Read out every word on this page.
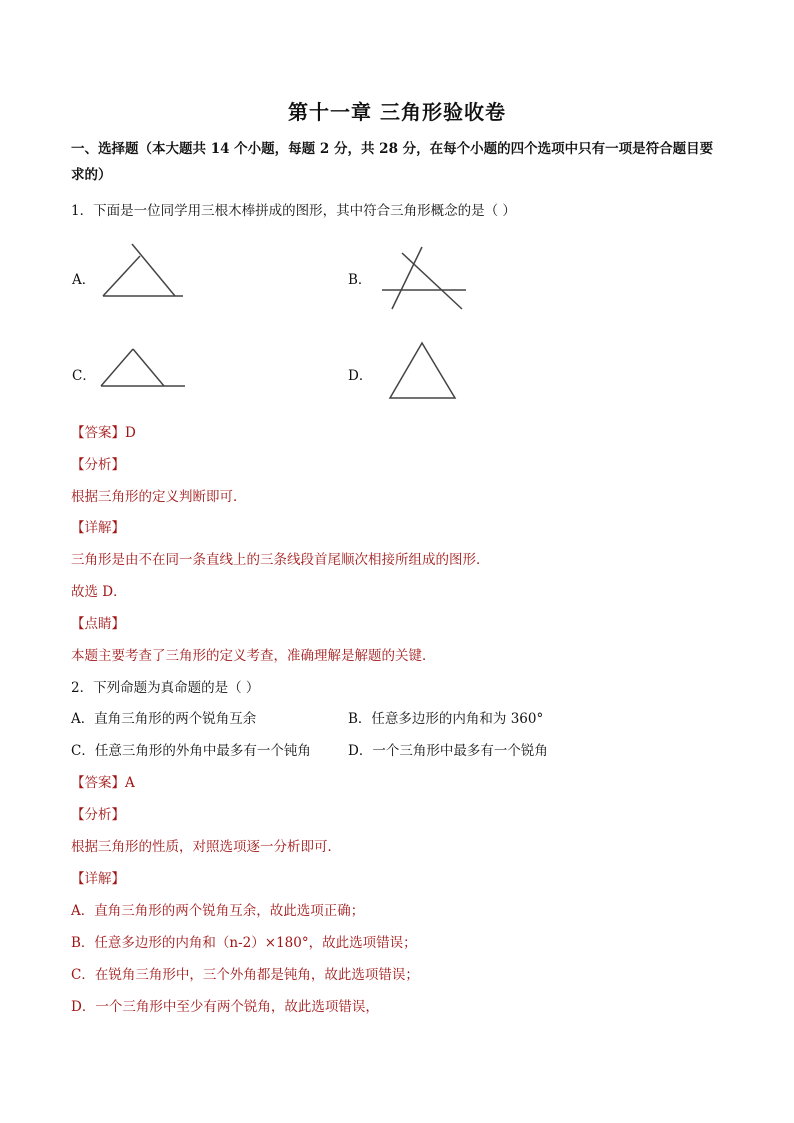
第十一章 三角形验收卷
一、选择题（本大题共 14 个小题，每题 2 分，共 28 分，在每个小题的四个选项中只有一项是符合题目要
求的）
1．下面是一位同学用三根木棒拼成的图形，其中符合三角形概念的是（ ）
A．	B．
C．	D．
【答案】D
【分析】
根据三角形的定义判断即可．
【详解】
三角形是由不在同一条直线上的三条线段首尾顺次相接所组成的图形．
故选 D．
【点睛】
本题主要考查了三角形的定义考查，准确理解是解题的关键．
2．下列命题为真命题的是（ ）
A．直角三角形的两个锐角互余	B．任意多边形的内角和为 360°
C．任意三角形的外角中最多有一个钝角	D．一个三角形中最多有一个锐角
【答案】A
【分析】
根据三角形的性质，对照选项逐一分析即可．
【详解】
A．直角三角形的两个锐角互余，故此选项正确；
B．任意多边形的内角和（n-2）×180°，故此选项错误；
C．在锐角三角形中，三个外角都是钝角，故此选项错误；
D．一个三角形中至少有两个锐角，故此选项错误，
